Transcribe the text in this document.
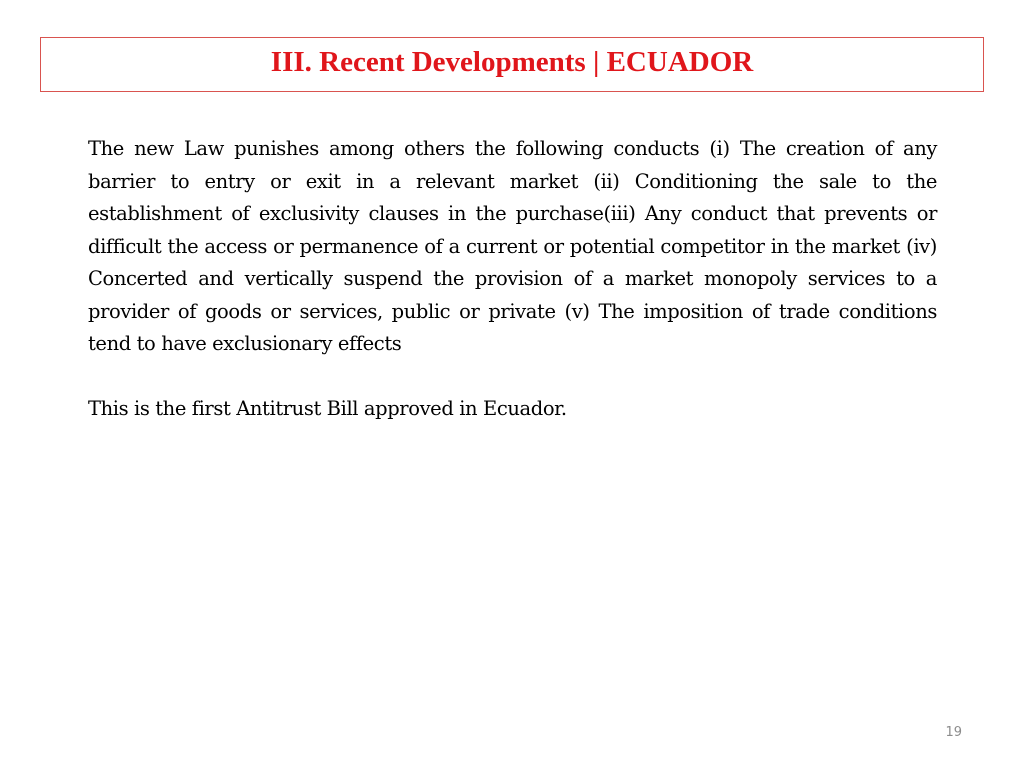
III. Recent Developments | ECUADOR

The new Law punishes among others the following conducts (i) The creation of any barrier to entry or exit in a relevant market (ii) Conditioning the sale to the establishment of exclusivity clauses in the purchase(iii) Any conduct that prevents or difficult the access or permanence of a current or potential competitor in the market (iv) Concerted and vertically suspend the provision of a market monopoly services to a provider of goods or services, public or private (v) The imposition of trade conditions tend to have exclusionary effects

This is the first Antitrust Bill approved in Ecuador.

19
